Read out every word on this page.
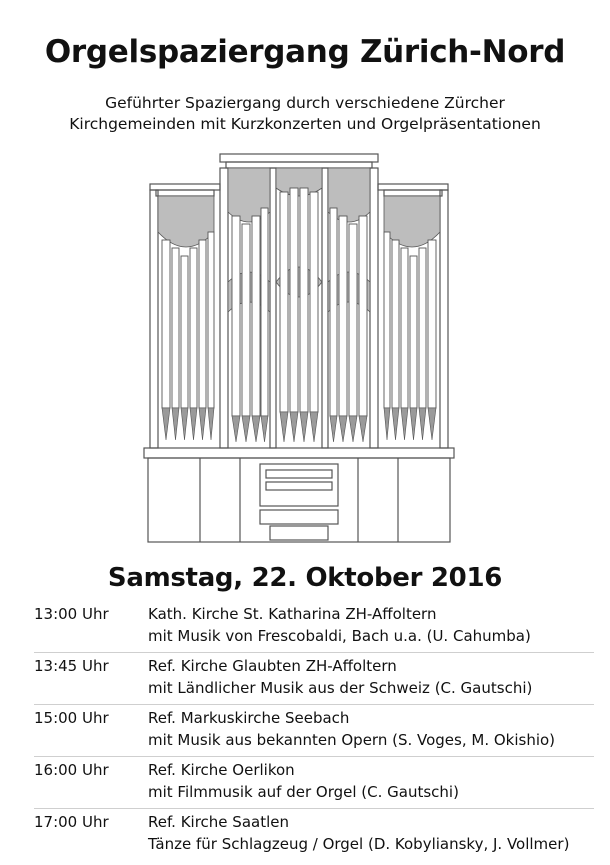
Orgelspaziergang Zürich-Nord
Geführter Spaziergang durch verschiedene Zürcher
Kirchgemeinden mit Kurzkonzerten und Orgelpräsentationen
Samstag, 22. Oktober 2016
13:00 Uhr	Kath. Kirche St. Katharina ZH-Affoltern
mit Musik von Frescobaldi, Bach u.a. (U. Cahumba)
13:45 Uhr	Ref. Kirche Glaubten ZH-Affoltern
mit Ländlicher Musik aus der Schweiz (C. Gautschi)
15:00 Uhr	Ref. Markuskirche Seebach
mit Musik aus bekannten Opern (S. Voges, M. Okishio)
16:00 Uhr	Ref. Kirche Oerlikon
mit Filmmusik auf der Orgel (C. Gautschi)
17:00 Uhr	Ref. Kirche Saatlen
Tänze für Schlagzeug / Orgel (D. Kobyliansky, J. Vollmer)
